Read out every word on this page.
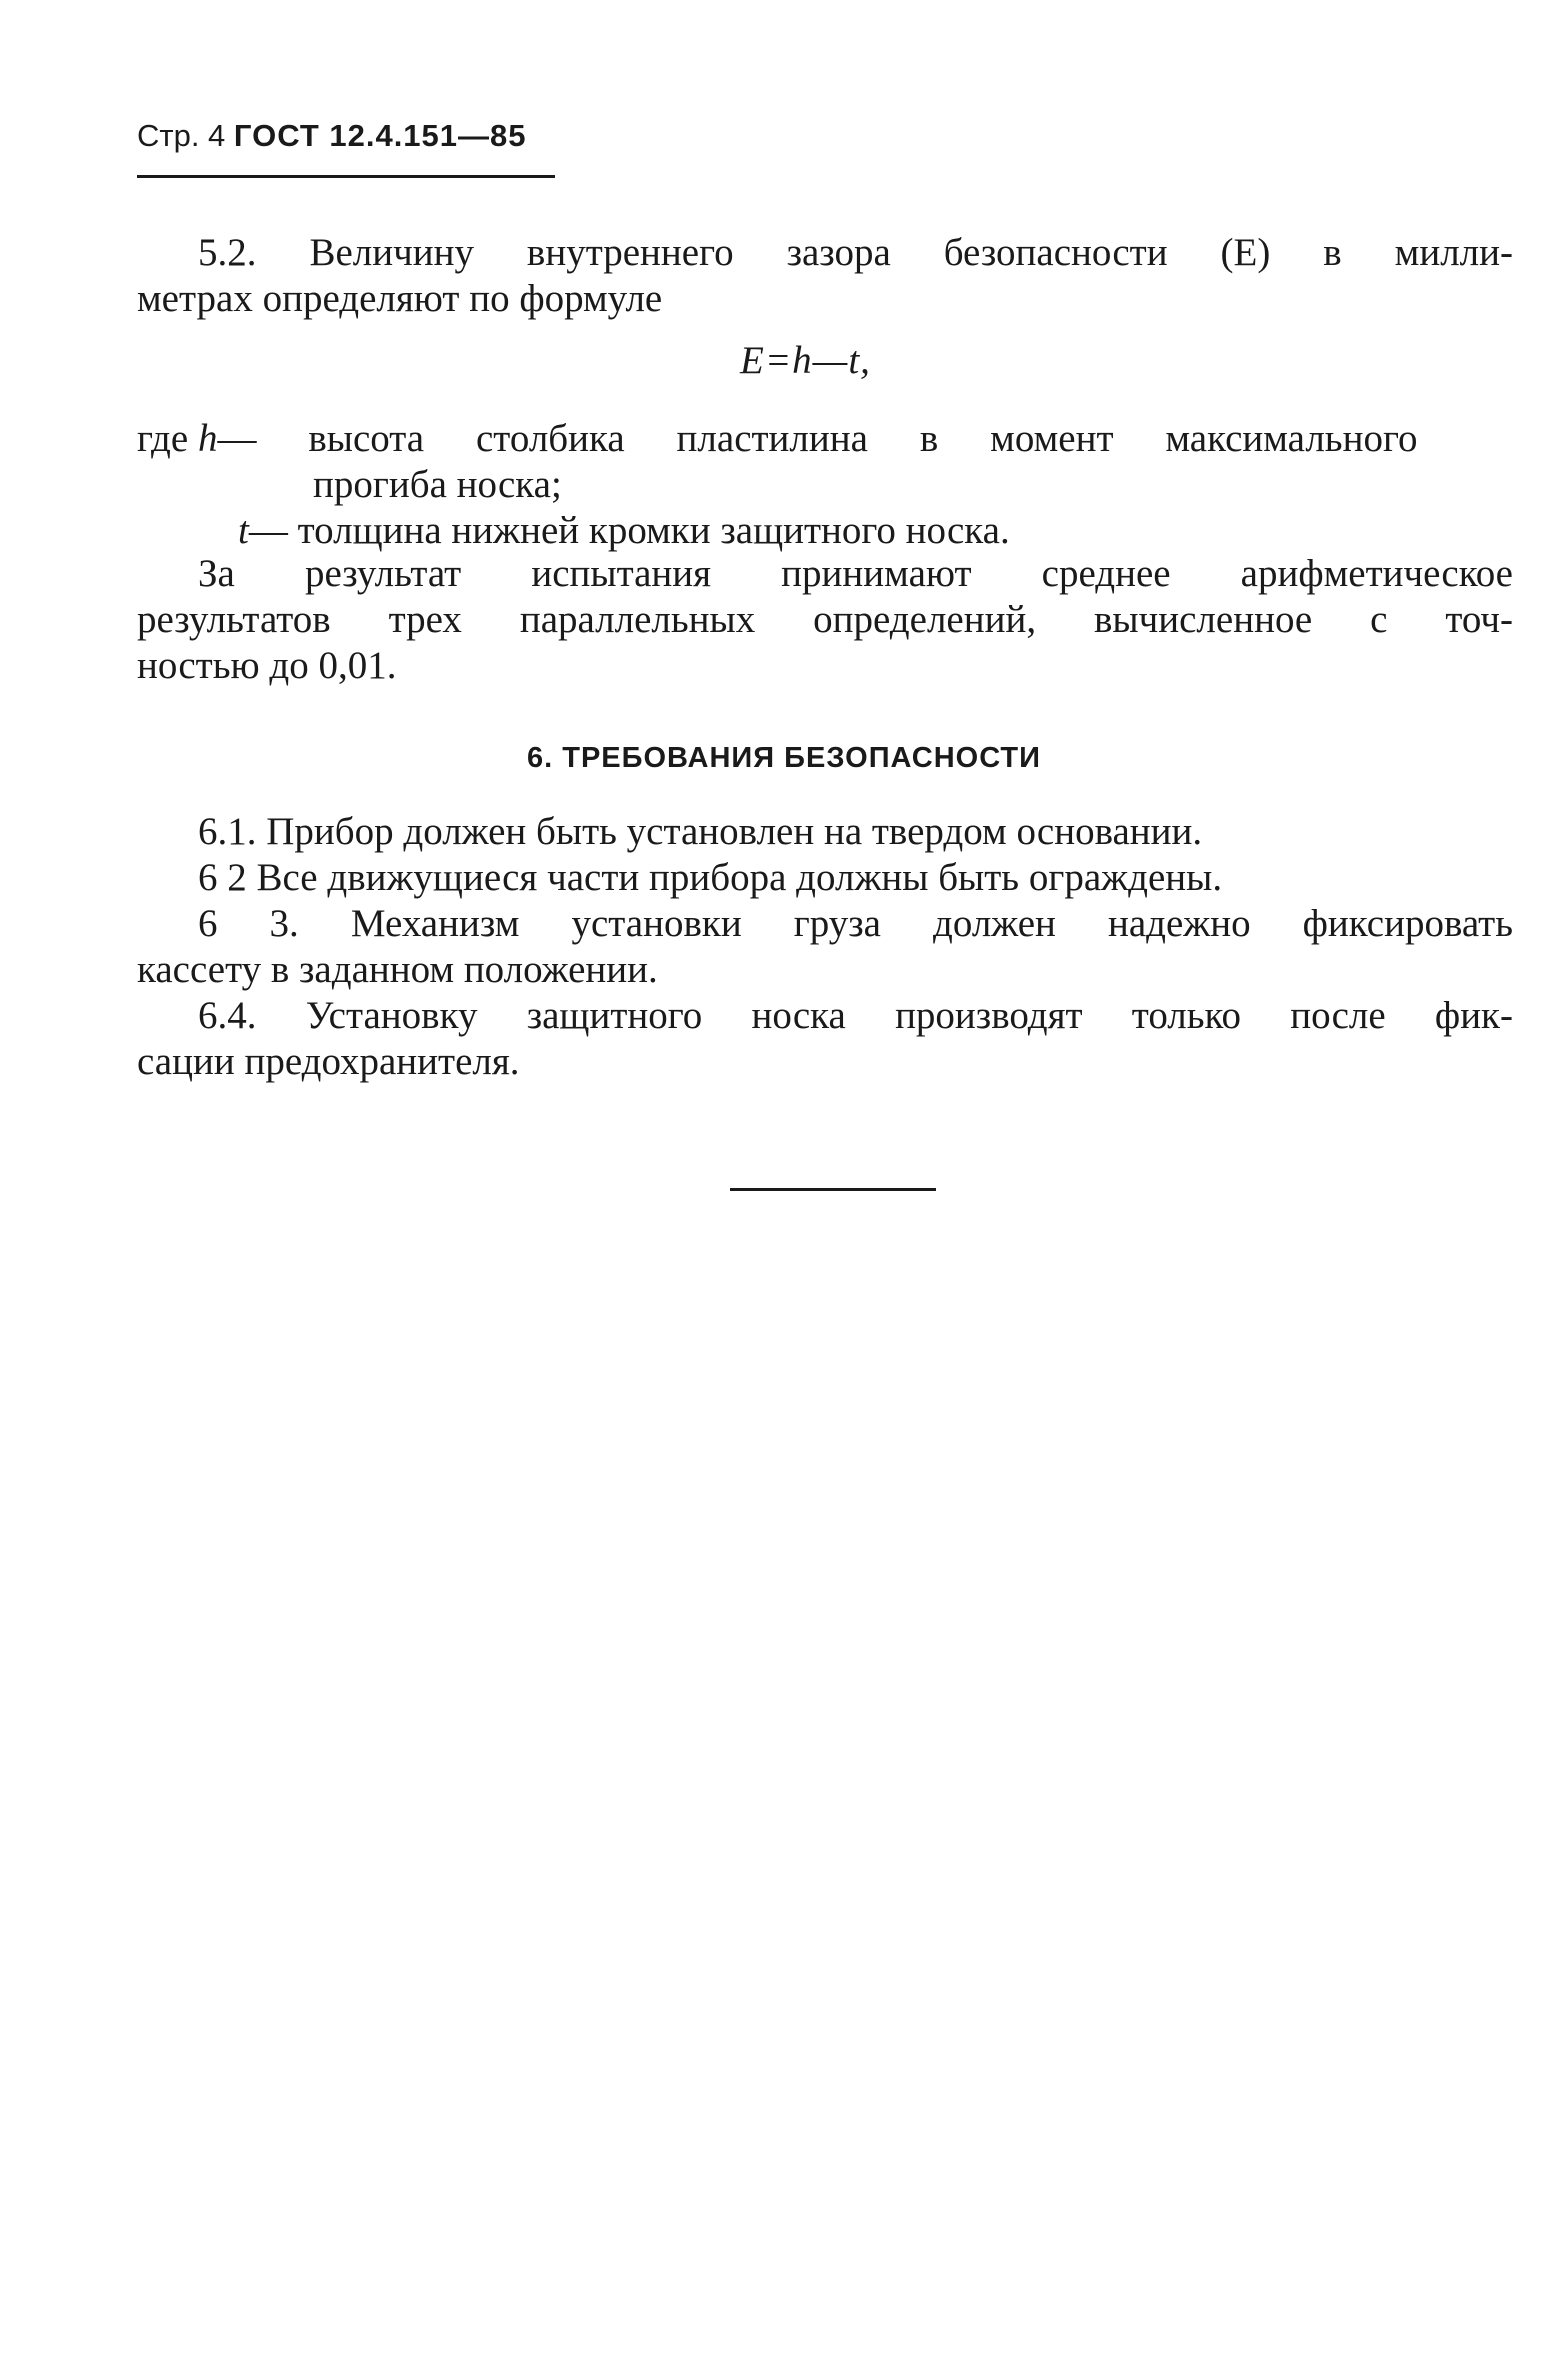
Стр. 4 ГОСТ 12.4.151—85
5.2. Величину внутреннего зазора безопасности (E) в милли-
метрах определяют по формуле
E=h—t,
где h— высота столбика пластилина в момент максимального
прогиба носка;
t— толщина нижней кромки защитного носка.
За результат испытания принимают среднее арифметическое
результатов трех параллельных определений, вычисленное с точ-
ностью до 0,01.
6. ТРЕБОВАНИЯ БЕЗОПАСНОСТИ
6.1. Прибор должен быть установлен на твердом основании.
6 2 Все движущиеся части прибора должны быть ограждены.
6 3. Механизм установки груза должен надежно фиксировать
кассету в заданном положении.
6.4. Установку защитного носка производят только после фик-
сации предохранителя.
